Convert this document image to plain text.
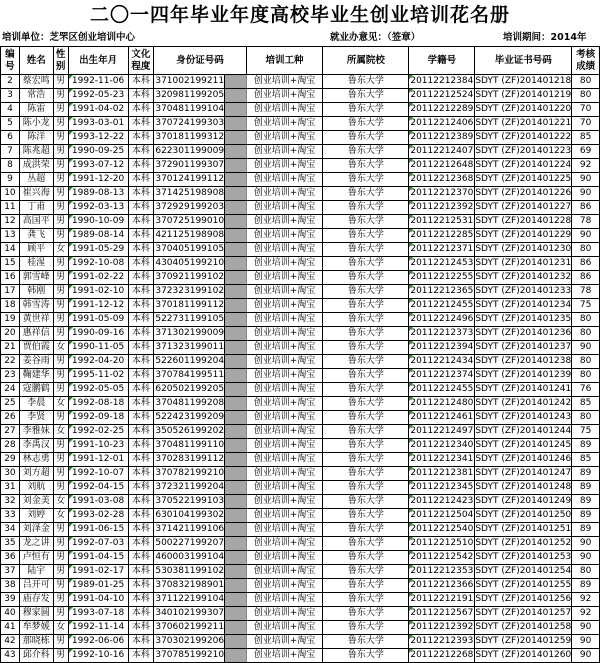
二〇一四年毕业年度高校毕业生创业培训花名册
培训单位：芝罘区创业培训中心	就业办意见：（签章）	培训期间：2014年
编号	姓名	性别	出生年月	文化程度	身份证号码		培训工种	所属院校	学籍号	毕业证书号码	考核成绩
2	蔡宏鸣	男	1992-11-06	本科	371002199211		创业培训+淘宝	鲁东大学	20112212384	SDYT (ZF)201401218	80
3	常浩	男	1992-05-23	本科	320981199205		创业培训+淘宝	鲁东大学	20112212524	SDYT (ZF)201401219	80
4	陈雷	男	1991-04-02	本科	370481199104		创业培训+淘宝	鲁东大学	20112212289	SDYT (ZF)201401220	70
5	陈小龙	男	1993-03-01	本科	370724199303		创业培训+淘宝	鲁东大学	20112212406	SDYT (ZF)201401221	70
6	陈洋	男	1993-12-22	本科	370181199312		创业培训+淘宝	鲁东大学	20112212389	SDYT (ZF)201401222	85
7	陈兆超	男	1990-09-25	本科	622301199009		创业培训+淘宝	鲁东大学	20112212407	SDYT (ZF)201401223	69
8	成洪荣	男	1993-07-12	本科	372901199307		创业培训+淘宝	鲁东大学	20112212648	SDYT (ZF)201401224	92
9	丛超	男	1991-12-20	本科	370124199112		创业培训+淘宝	鲁东大学	20112212368	SDYT (ZF)201401225	90
10	崔兴海	男	1989-08-13	本科	371425198908		创业培训+淘宝	鲁东大学	20112212370	SDYT (ZF)201401226	90
11	丁甫	男	1992-03-13	本科	372929199203		创业培训+淘宝	鲁东大学	20112212392	SDYT (ZF)201401227	86
12	高国平	男	1990-10-09	本科	370725199010		创业培训+淘宝	鲁东大学	20112212531	SDYT (ZF)201401228	78
13	龚飞	男	1989-08-14	本科	421125198908		创业培训+淘宝	鲁东大学	20112212285	SDYT (ZF)201401229	90
14	顾平	女	1991-05-29	本科	370405199105		创业培训+淘宝	鲁东大学	20112212371	SDYT (ZF)201401230	80
15	桂湦	男	1992-10-08	本科	430405199210		创业培训+淘宝	鲁东大学	20112212453	SDYT (ZF)201401231	86
16	郭雪峰	男	1991-02-22	本科	370921199102		创业培训+淘宝	鲁东大学	20112212255	SDYT (ZF)201401232	86
17	韩刚	男	1991-02-10	本科	372323199102		创业培训+淘宝	鲁东大学	20112212365	SDYT (ZF)201401233	78
18	韩雪涛	男	1991-12-12	本科	370181199112		创业培训+淘宝	鲁东大学	20112212455	SDYT (ZF)201401234	75
19	黄世祥	男	1991-05-09	本科	522731199105		创业培训+淘宝	鲁东大学	20112212496	SDYT (ZF)201401235	80
20	惠祥信	男	1990-09-16	本科	371302199009		创业培训+淘宝	鲁东大学	20112212373	SDYT (ZF)201401236	80
21	贾伯霞	女	1990-11-05	本科	371323199011		创业培训+淘宝	鲁东大学	20112212394	SDYT (ZF)201401237	90
22	姜谷雨	男	1992-04-20	本科	522601199204		创业培训+淘宝	鲁东大学	20112212434	SDYT (ZF)201401238	80
23	鞠建华	男	1995-11-02	本科	370784199511		创业培训+淘宝	鲁东大学	20112212374	SDYT (ZF)201401239	80
24	寇鹏鹤	男	1992-05-05	本科	620502199205		创业培训+淘宝	鲁东大学	20112212455	SDYT (ZF)201401241	76
25	李晨	女	1992-08-18	本科	370481199208		创业培训+淘宝	鲁东大学	20112212480	SDYT (ZF)201401242	85
26	李贤	男	1992-09-18	本科	522423199209		创业培训+淘宝	鲁东大学	20112212461	SDYT (ZF)201401243	80
27	李雅妹	女	1992-02-25	本科	350526199202		创业培训+淘宝	鲁东大学	20112212497	SDYT (ZF)201401244	75
28	李禹汉	男	1991-10-23	本科	370481199110		创业培训+淘宝	鲁东大学	20112212340	SDYT (ZF)201401245	89
29	林志勇	男	1991-12-01	本科	370283199112		创业培训+淘宝	鲁东大学	20112212341	SDYT (ZF)201401246	85
30	刘方超	男	1992-10-07	本科	370782199210		创业培训+淘宝	鲁东大学	20112212381	SDYT (ZF)201401247	89
31	刘航	男	1992-04-15	本科	372321199204		创业培训+淘宝	鲁东大学	20112212345	SDYT (ZF)201401248	89
32	刘金美	女	1991-03-08	本科	370522199103		创业培训+淘宝	鲁东大学	20112212423	SDYT (ZF)201401249	89
33	刘婷	女	1993-02-28	本科	630104199302		创业培训+淘宝	鲁东大学	20112212504	SDYT (ZF)201401250	89
34	刘泽金	男	1991-06-15	本科	371421199106		创业培训+淘宝	鲁东大学	20112212540	SDYT (ZF)201401251	89
35	龙之讲	男	1992-07-03	本科	500227199207		创业培训+淘宝	鲁东大学	20112212510	SDYT (ZF)201401252	90
36	卢恒有	男	1991-04-15	本科	460003199104		创业培训+淘宝	鲁东大学	20112212542	SDYT (ZF)201401253	90
37	陆宇	男	1991-02-17	本科	530381199102		创业培训+淘宝	鲁东大学	20112212353	SDYT (ZF)201401254	80
38	吕开可	男	1989-01-25	本科	370832198901		创业培训+淘宝	鲁东大学	20112212366	SDYT (ZF)201401255	89
39	庙存发	男	1991-04-10	本科	371122199104		创业培训+淘宝	鲁东大学	20112212191	SDYT (ZF)201401256	92
40	穆家圆	男	1993-07-18	本科	340102199307		创业培训+淘宝	鲁东大学	20112212567	SDYT (ZF)201401257	92
41	牟梦媛	女	1992-11-14	本科	370602199211		创业培训+淘宝	鲁东大学	20112212392	SDYT (ZF)201401258	90
42	那晓栋	男	1992-06-06	本科	370302199206		创业培训+淘宝	鲁东大学	20112212393	SDYT (ZF)201401259	90
43	邱介科	男	1992-10-16	本科	370785199210		创业培训+淘宝	鲁东大学	20112212268	SDYT (ZF)201401260	90
